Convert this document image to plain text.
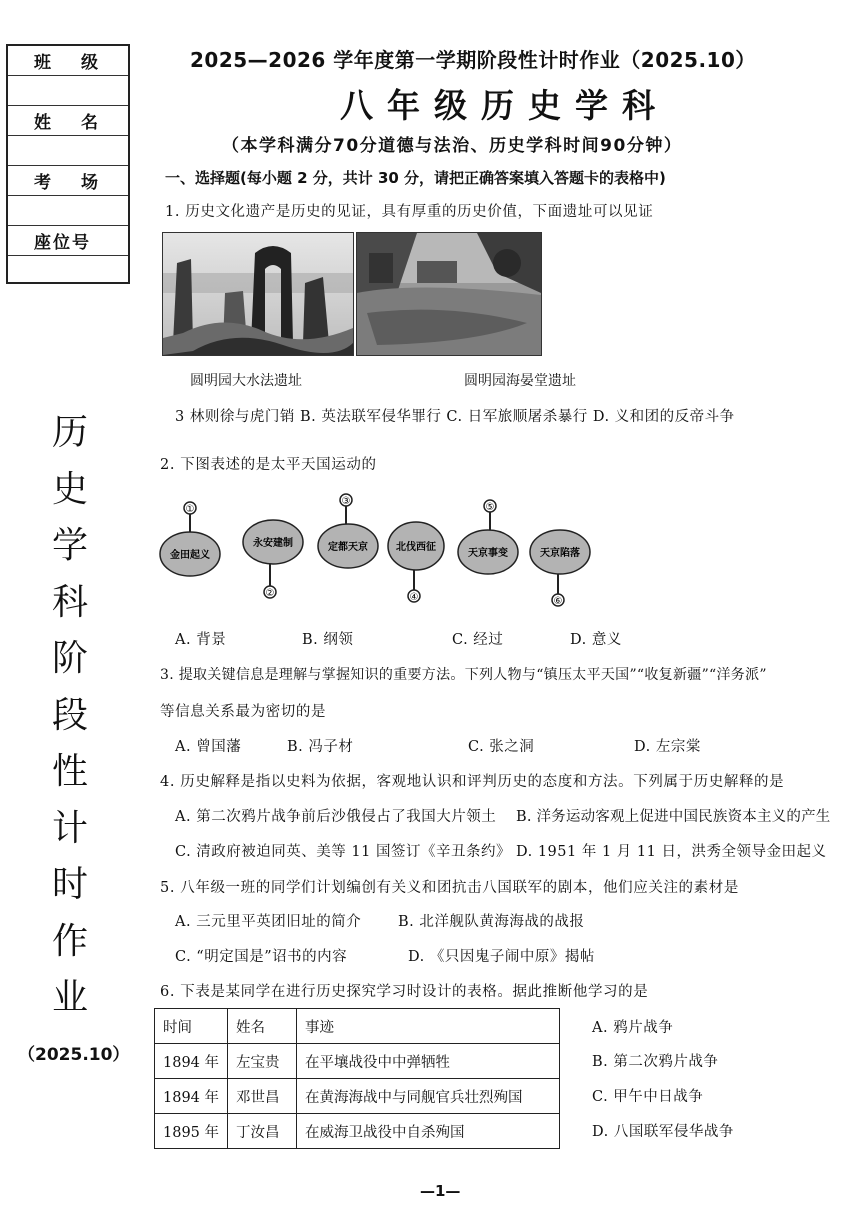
班级
姓名
考场
座位号
历
史
学
科
阶
段
性
计
时
作
业
（2025.10）
2025—2026 学年度第一学期阶段性计时作业（2025.10）
八年级历史学科
（本学科满分70分道德与法治、历史学科时间90分钟）
一、选择题(每小题 2 分，共计 30 分，请把正确答案填入答题卡的表格中)
1. 历史文化遗产是历史的见证，具有厚重的历史价值，下面遗址可以见证
圆明园大水法遗址	圆明园海晏堂遗址
3 林则徐与虎门销 B. 英法联军侵华罪行 C. 日军旅顺屠杀暴行 D. 义和团的反帝斗争
2. 下图表述的是太平天国运动的
①
金田起义
永安建制
②
③
定都天京	北伐西征
④
⑤
天京事变	天京陷落
⑥
A. 背景	B. 纲领	C. 经过	D. 意义
3. 提取关键信息是理解与掌握知识的重要方法。下列人物与“镇压太平天国”“收复新疆”“洋务派”
等信息关系最为密切的是
A. 曾国藩	B. 冯子材	C. 张之洞	D. 左宗棠
4. 历史解释是指以史料为依据，客观地认识和评判历史的态度和方法。下列属于历史解释的是
A. 第二次鸦片战争前后沙俄侵占了我国大片领土 B. 洋务运动客观上促进中国民族资本主义的产生
C. 清政府被迫同英、美等 11 国签订《辛丑条约》 D. 1951 年 1 月 11 日，洪秀全领导金田起义
5. 八年级一班的同学们计划编创有关义和团抗击八国联军的剧本，他们应关注的素材是
A. 三元里平英团旧址的简介	B. 北洋舰队黄海海战的战报
C. “明定国是”诏书的内容	D. 《只因鬼子闹中原》揭帖
6. 下表是某同学在进行历史探究学习时设计的表格。据此推断他学习的是
时间	姓名	事迹
1894 年	左宝贵	在平壤战役中中弹牺牲
1894 年	邓世昌	在黄海海战中与同舰官兵壮烈殉国
1895 年	丁汝昌	在威海卫战役中自杀殉国
A. 鸦片战争
B. 第二次鸦片战争
C. 甲午中日战争
D. 八国联军侵华战争
—1—
